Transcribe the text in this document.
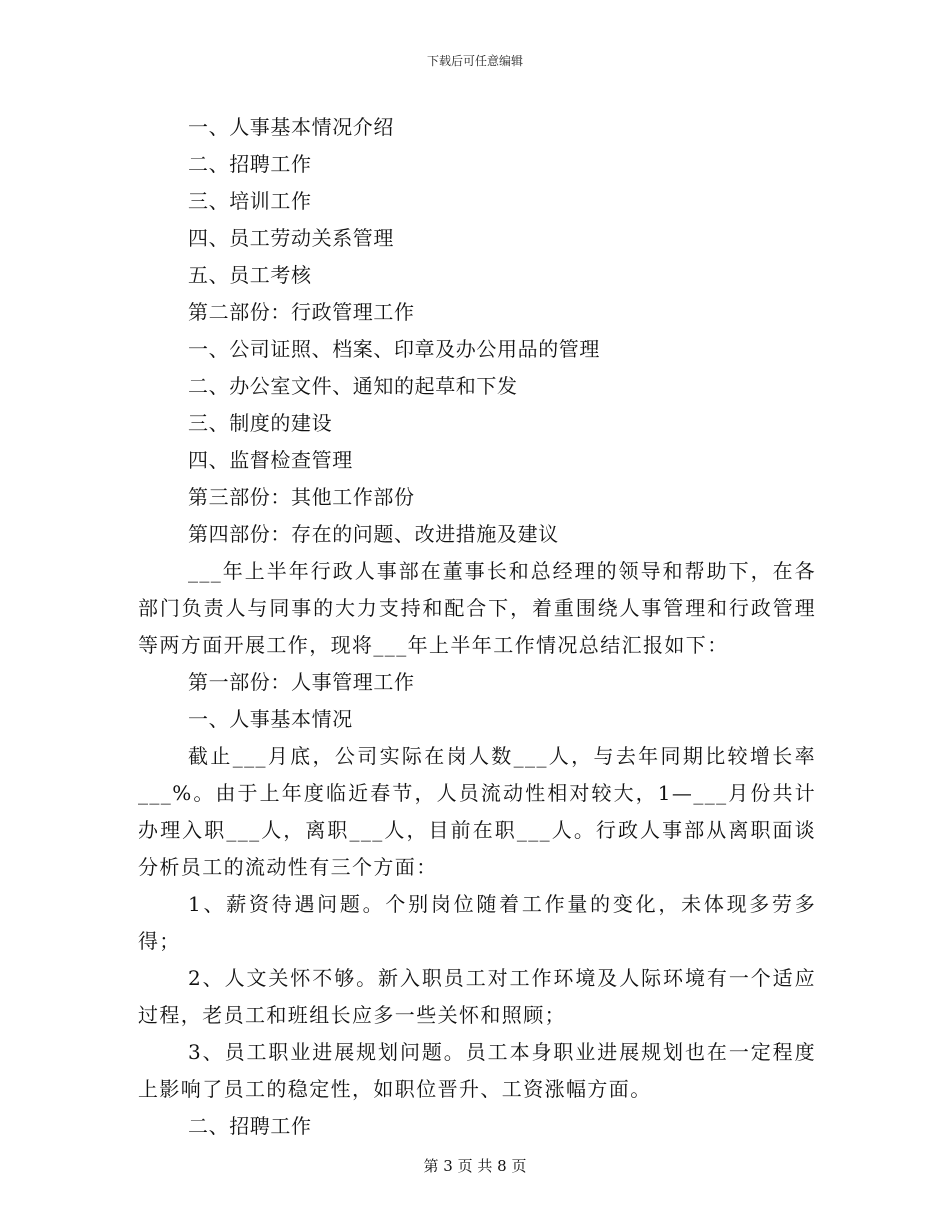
下载后可任意编辑

一、人事基本情况介绍

二、招聘工作

三、培训工作

四、员工劳动关系管理

五、员工考核

第二部份：行政管理工作

一、公司证照、档案、印章及办公用品的管理

二、办公室文件、通知的起草和下发

三、制度的建设

四、监督检查管理

第三部份：其他工作部份

第四部份：存在的问题、改进措施及建议

___年上半年行政人事部在董事长和总经理的领导和帮助下，在各部门负责人与同事的大力支持和配合下，着重围绕人事管理和行政管理等两方面开展工作，现将___年上半年工作情况总结汇报如下：

第一部份：人事管理工作

一、人事基本情况

截止___月底，公司实际在岗人数___人，与去年同期比较增长率___%。由于上年度临近春节，人员流动性相对较大，1—___月份共计办理入职___人，离职___人，目前在职___人。行政人事部从离职面谈分析员工的流动性有三个方面：

1、薪资待遇问题。个别岗位随着工作量的变化，未体现多劳多得；

2、人文关怀不够。新入职员工对工作环境及人际环境有一个适应过程，老员工和班组长应多一些关怀和照顾；

3、员工职业进展规划问题。员工本身职业进展规划也在一定程度上影响了员工的稳定性，如职位晋升、工资涨幅方面。

二、招聘工作

第 3 页 共 8 页
